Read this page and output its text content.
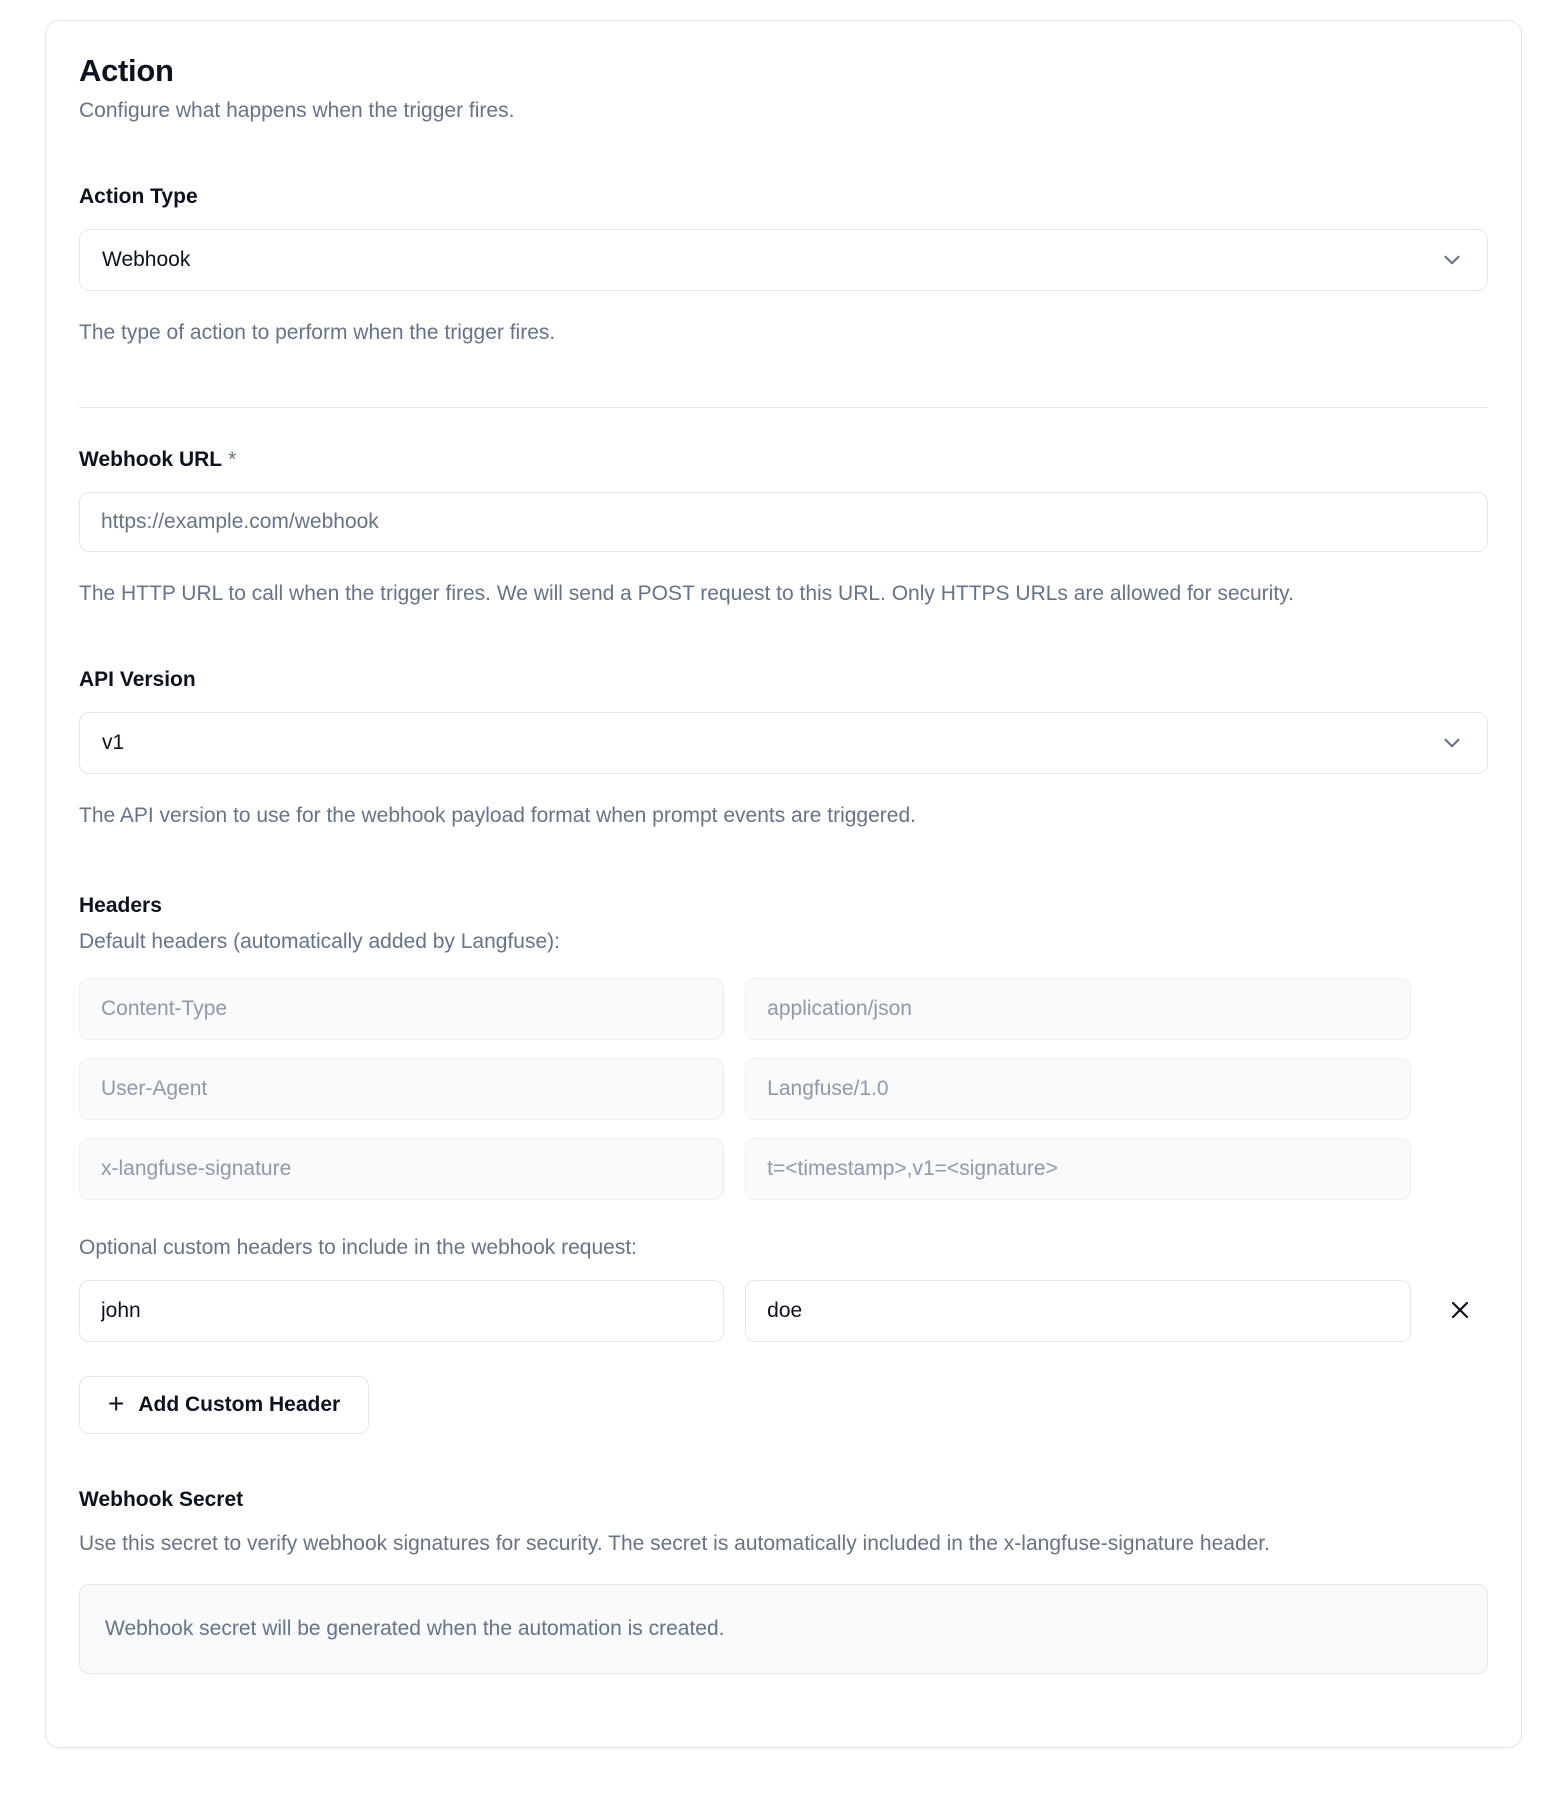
Action

Configure what happens when the trigger fires.

Action Type
Webhook

The type of action to perform when the trigger fires.

Webhook URL *
https://example.com/webhook

The HTTP URL to call when the trigger fires. We will send a POST request to this URL. Only HTTPS URLs are allowed for security.

API Version
v1

The API version to use for the webhook payload format when prompt events are triggered.

Headers

Default headers (automatically added by Langfuse):

Content-Type
application/json
User-Agent
Langfuse/1.0
x-langfuse-signature
t=<timestamp>,v1=<signature>

Optional custom headers to include in the webhook request:

john
doe
+ Add Custom Header
Webhook Secret

Use this secret to verify webhook signatures for security. The secret is automatically included in the x-langfuse-signature header.

Webhook secret will be generated when the automation is created.
